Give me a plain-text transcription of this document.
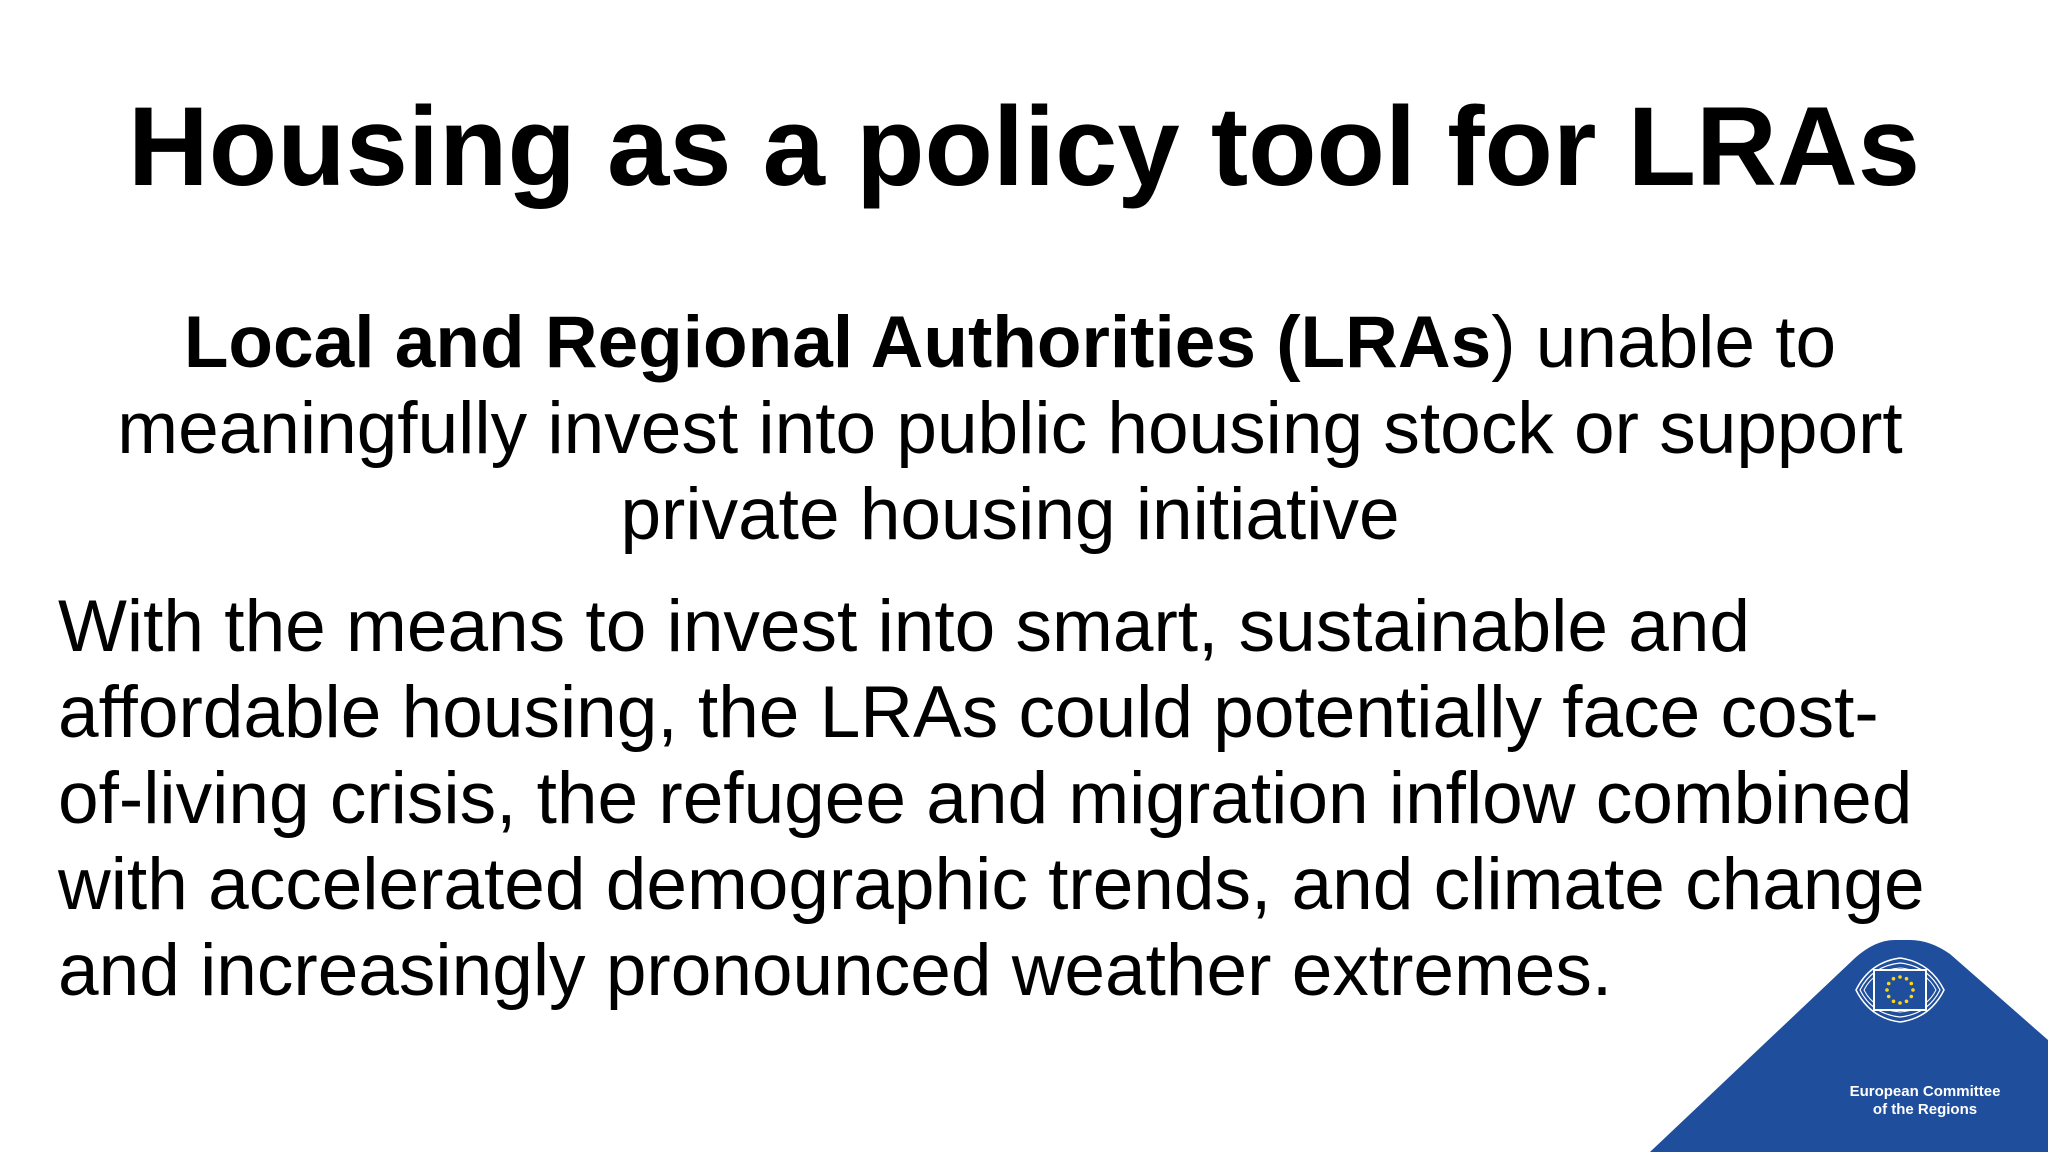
Housing as a policy tool for LRAs

Local and Regional Authorities (LRAs) unable to meaningfully invest into public housing stock or support private housing initiative

With the means to invest into smart, sustainable and affordable housing, the LRAs could potentially face cost-of-living crisis, the refugee and migration inflow combined with accelerated demographic trends, and climate change and increasingly pronounced weather extremes.

European Committee
of the Regions
